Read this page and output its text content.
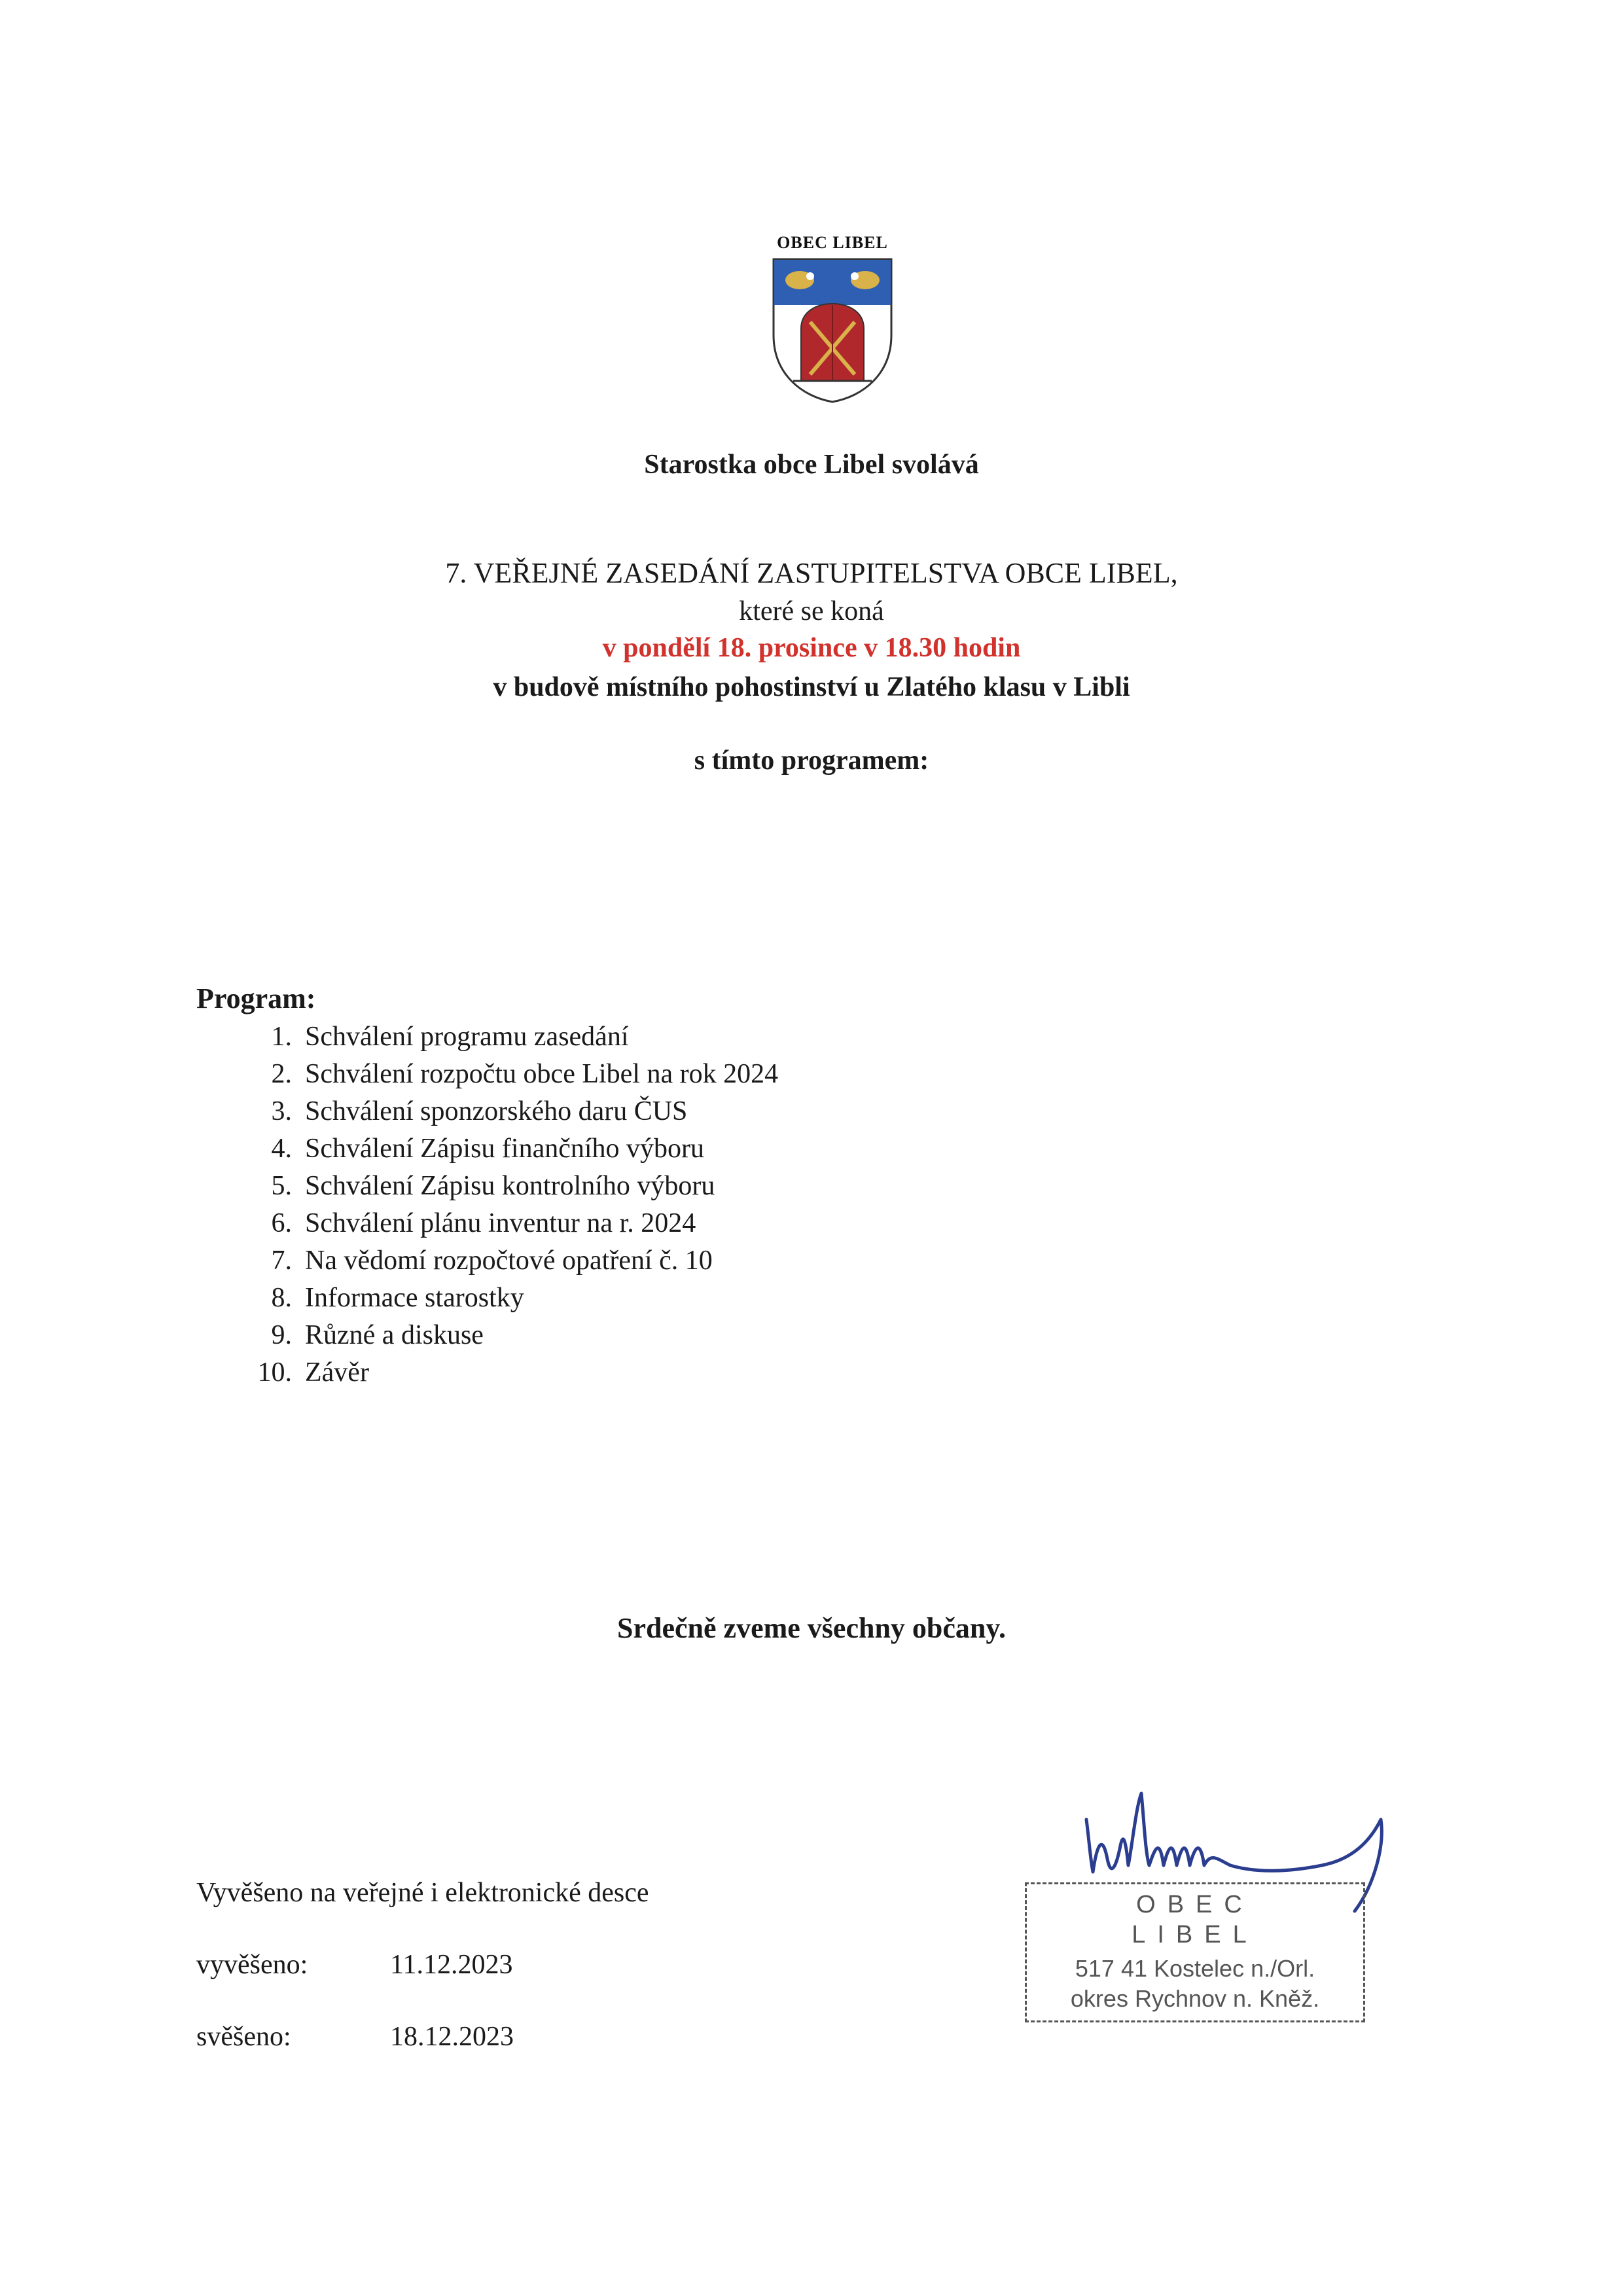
OBEC LIBEL
Starostka obce Libel svolává
7. VEŘEJNÉ ZASEDÁNÍ ZASTUPITELSTVA OBCE LIBEL,
které se koná
v pondělí 18. prosince v 18.30 hodin
v budově místního pohostinství u Zlatého klasu v Libli
s tímto programem:
Program:
1. Schválení programu zasedání
2. Schválení rozpočtu obce Libel na rok 2024
3. Schválení sponzorského daru ČUS
4. Schválení Zápisu finančního výboru
5. Schválení Zápisu kontrolního výboru
6. Schválení plánu inventur na r. 2024
7. Na vědomí rozpočtové opatření č. 10
8. Informace starostky
9. Různé a diskuse
10. Závěr
Srdečně zveme všechny občany.
Vyvěšeno na veřejné i elektronické desce
vyvěšeno:	11.12.2023
svěšeno:	18.12.2023
OBEC
LIBEL
517 41 Kostelec n./Orl.
okres Rychnov n. Kněž.
